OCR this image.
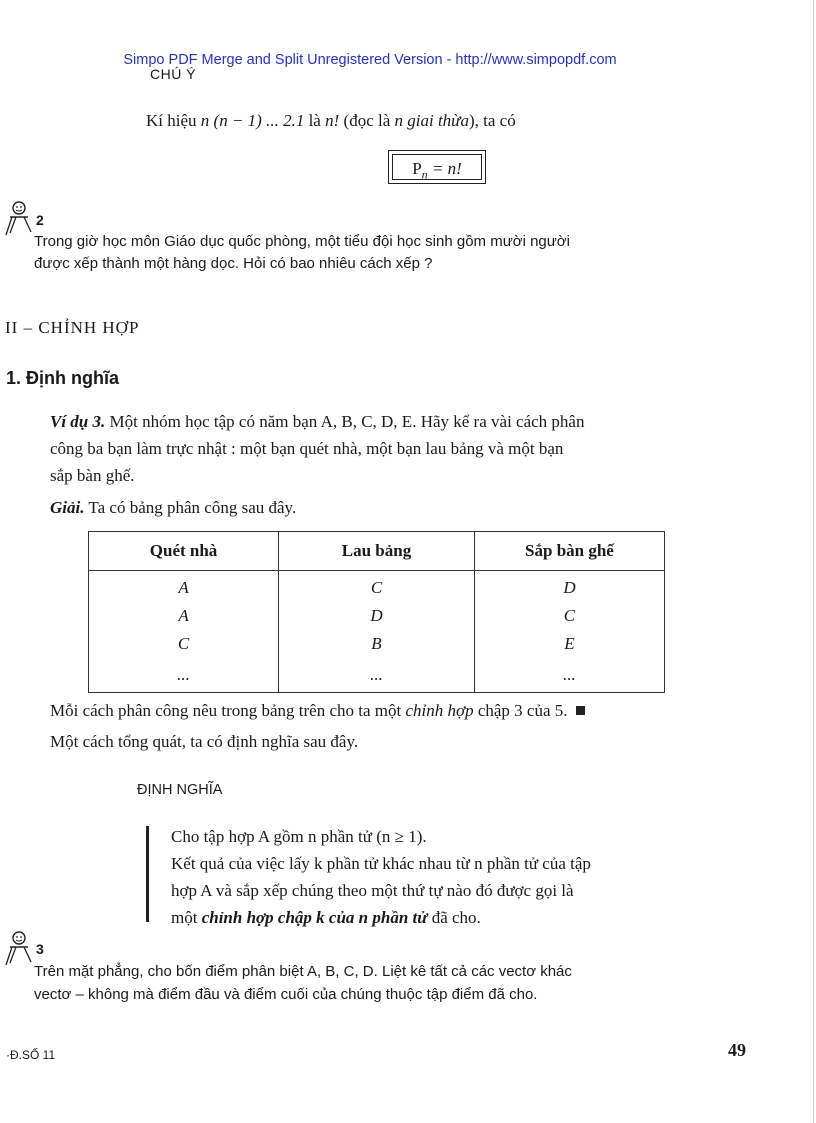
Simpo PDF Merge and Split Unregistered Version - http://www.simpopdf.com
CHÚ Ý
Kí hiệu n (n − 1) ... 2.1 là n! (đọc là n giai thừa), ta có
$P_n = n$!
2
Trong giờ học môn Giáo dục quốc phòng, một tiểu đội học sinh gồm mười người
được xếp thành một hàng dọc. Hỏi có bao nhiêu cách xếp ?
II – CHỈNH HỢP
1. Định nghĩa
Ví dụ 3. Một nhóm học tập có năm bạn A, B, C, D, E. Hãy kể ra vài cách phân
công ba bạn làm trực nhật : một bạn quét nhà, một bạn lau bảng và một bạn
sắp bàn ghế.
Giải. Ta có bảng phân công sau đây.
Quét nhà	Lau bảng	Sắp bàn ghế
A	C	D
A	D	C
C	B	E
...	...	...
Mỗi cách phân công nêu trong bảng trên cho ta một chỉnh hợp chập 3 của 5.
Một cách tổng quát, ta có định nghĩa sau đây.
ĐỊNH NGHĨA
Cho tập hợp A gồm n phần tử (n ≥ 1).
Kết quả của việc lấy k phần tử khác nhau từ n phần tử của tập
hợp A và sắp xếp chúng theo một thứ tự nào đó được gọi là
một chỉnh hợp chập k của n phần tử đã cho.
3
Trên mặt phẳng, cho bốn điểm phân biệt A, B, C, D. Liệt kê tất cả các vectơ khác
vectơ – không mà điểm đầu và điểm cuối của chúng thuộc tập điểm đã cho.
·Đ.SỐ 11	49
